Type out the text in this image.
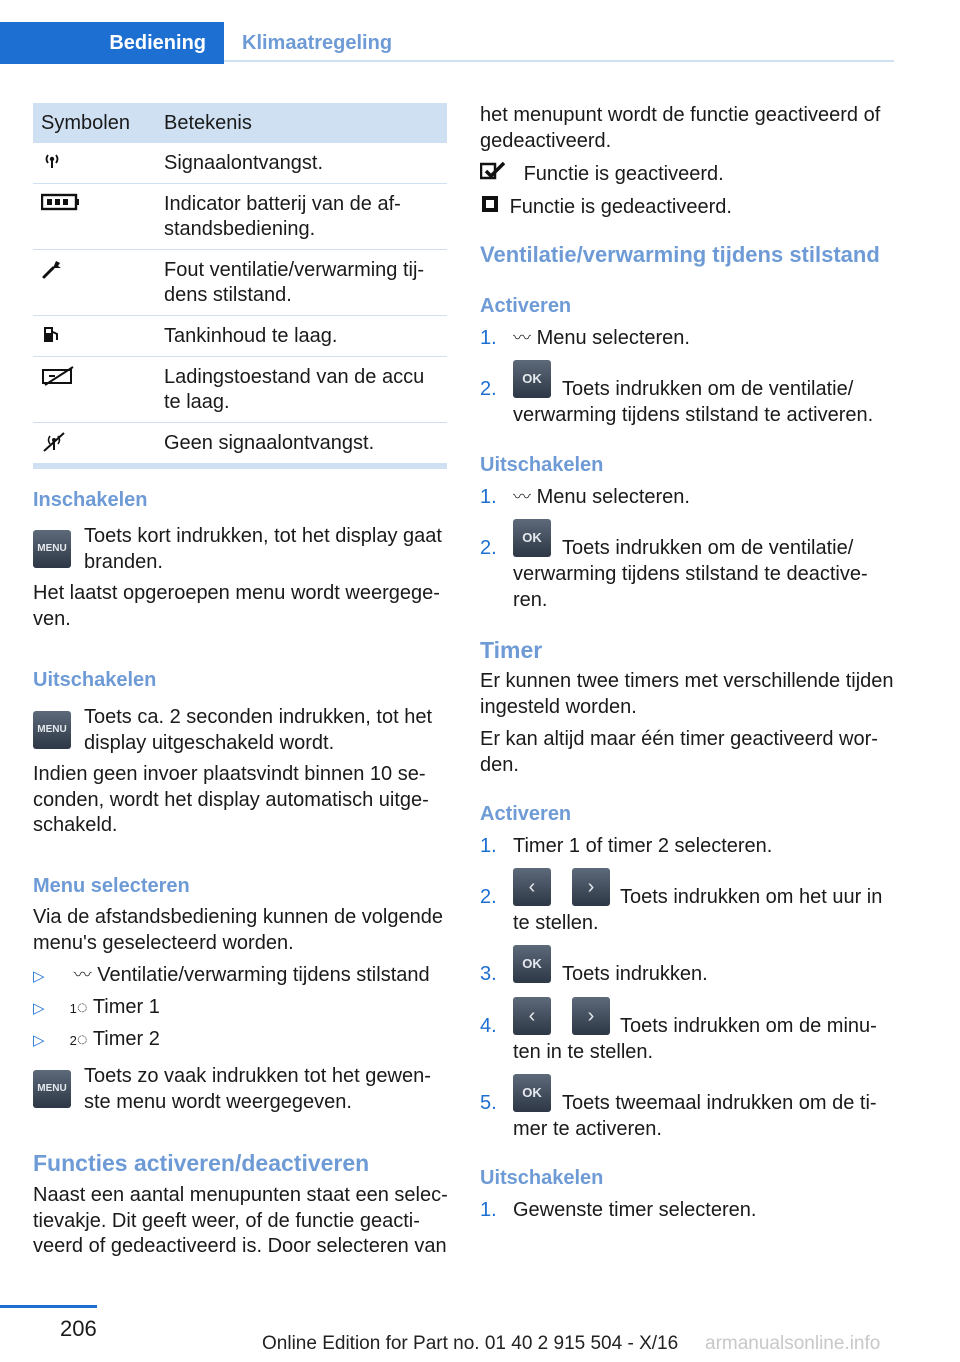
Bediening	Klimaatregeling
Symbolen	Betekenis
Signaalontvangst.
Indicator batterij van de af-
standsbediening.
Fout ventilatie/verwarming tij-
dens stilstand.
Tankinhoud te laag.
Ladingstoestand van de accu
te laag.
Geen signaalontvangst.
Inschakelen
MENU
Toets kort indrukken, tot het display gaat branden.
Het laatst opgeroepen menu wordt weergege-
ven.
Uitschakelen
MENU
Toets ca. 2 seconden indrukken, tot het display uitgeschakeld wordt.
Indien geen invoer plaatsvindt binnen 10 se-
conden, wordt het display automatisch uitge-
schakeld.
Menu selecteren
Via de afstandsbediening kunnen de volgende menu's geselecteerd worden.
▷ 〰 Ventilatie/verwarming tijdens stilstand
▷ 1◌ Timer 1
▷ 2◌ Timer 2
MENU
Toets zo vaak indrukken tot het gewen-
ste menu wordt weergegeven.
Functies activeren/deactiveren
Naast een aantal menupunten staat een selec-
tievakje. Dit geeft weer, of de functie geacti-
veerd of gedeactiveerd is. Door selecteren van
het menupunt wordt de functie geactiveerd of
gedeactiveerd.
Functie is geactiveerd.
Functie is gedeactiveerd.
Ventilatie/verwarming tijdens stilstand
Activeren
1. 〰 Menu selecteren.
2.	OK	Toets indrukken om de ventilatie/
verwarming tijdens stilstand te activeren.
Uitschakelen
1. 〰 Menu selecteren.
2.	OK	Toets indrukken om de ventilatie/
verwarming tijdens stilstand te deactive-
ren.
Timer
Er kunnen twee timers met verschillende tijden ingesteld worden.
Er kan altijd maar één timer geactiveerd wor-
den.
Activeren
1. Timer 1 of timer 2 selecteren.
2.	‹	›	Toets indrukken om het uur in
te stellen.
3.	OK	Toets indrukken.
4.	‹	›	Toets indrukken om de minu-
ten in te stellen.
5.	OK	Toets tweemaal indrukken om de ti-
mer te activeren.
Uitschakelen
1. Gewenste timer selecteren.
206
Online Edition for Part no. 01 40 2 915 504 - X/16 armanualsonline.info
